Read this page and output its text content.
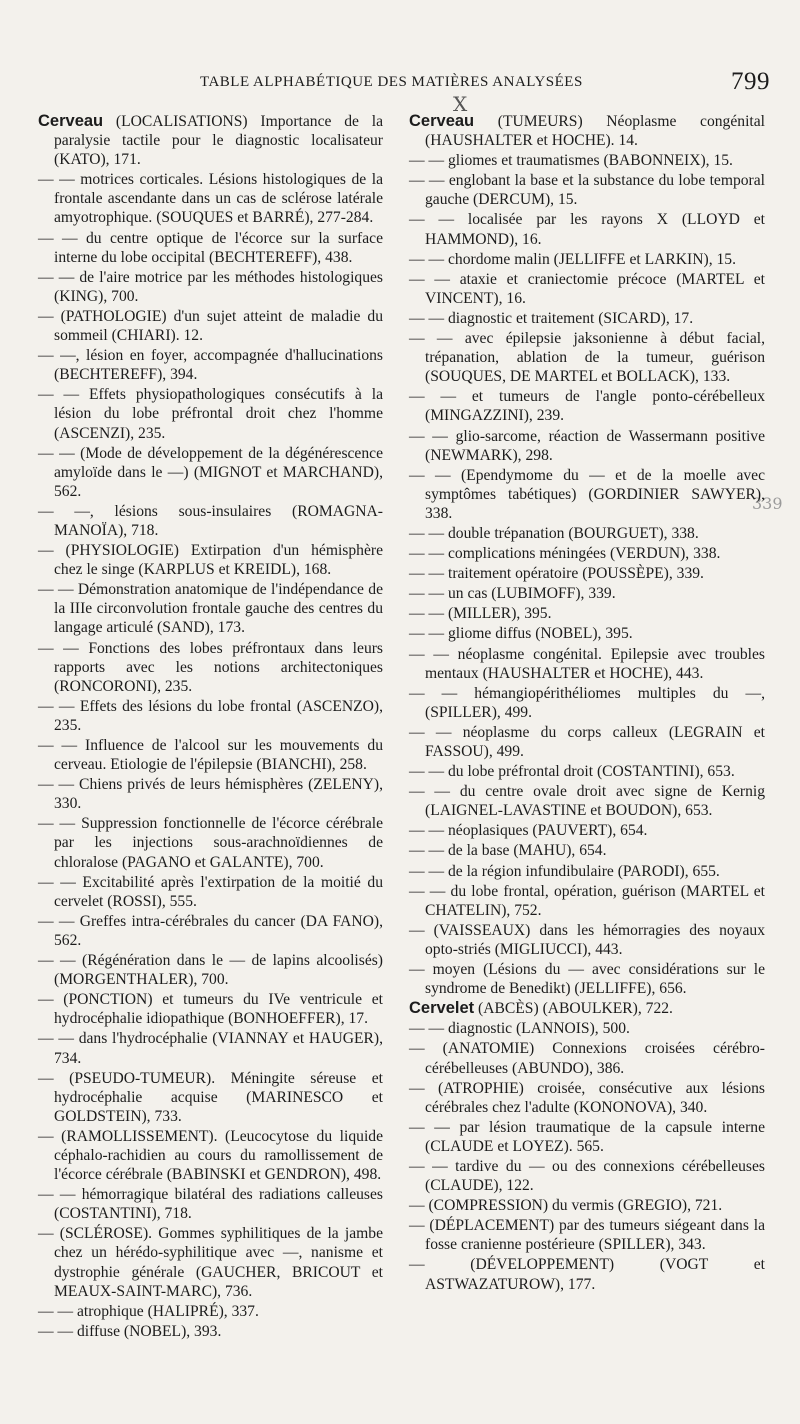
TABLE ALPHABÉTIQUE DES MATIÈRES ANALYSÉES	799
X
339

Cerveau (LOCALISATIONS) Importance de la paralysie tactile pour le diagnostic localisateur (KATO), 171.

— — motrices corticales. Lésions histologiques de la frontale ascendante dans un cas de sclérose latérale amyotrophique. (SOUQUES et BARRÉ), 277-284.

— — du centre optique de l'écorce sur la surface interne du lobe occipital (BECHTEREFF), 438.

— — de l'aire motrice par les méthodes histologiques (KING), 700.

— (PATHOLOGIE) d'un sujet atteint de maladie du sommeil (CHIARI). 12.

— —, lésion en foyer, accompagnée d'hallucinations (BECHTEREFF), 394.

— — Effets physiopathologiques consécutifs à la lésion du lobe préfrontal droit chez l'homme (ASCENZI), 235.

— — (Mode de développement de la dégénérescence amyloïde dans le —) (MIGNOT et MARCHAND), 562.

— —, lésions sous-insulaires (ROMAGNA-MANOÏA), 718.

— (PHYSIOLOGIE) Extirpation d'un hémisphère chez le singe (KARPLUS et KREIDL), 168.

— — Démonstration anatomique de l'indépendance de la IIIe circonvolution frontale gauche des centres du langage articulé (SAND), 173.

— — Fonctions des lobes préfrontaux dans leurs rapports avec les notions architectoniques (RONCORONI), 235.

— — Effets des lésions du lobe frontal (ASCENZO), 235.

— — Influence de l'alcool sur les mouvements du cerveau. Etiologie de l'épilepsie (BIANCHI), 258.

— — Chiens privés de leurs hémisphères (ZELENY), 330.

— — Suppression fonctionnelle de l'écorce cérébrale par les injections sous-arachnoïdiennes de chloralose (PAGANO et GALANTE), 700.

— — Excitabilité après l'extirpation de la moitié du cervelet (ROSSI), 555.

— — Greffes intra-cérébrales du cancer (DA FANO), 562.

— — (Régénération dans le — de lapins alcoolisés) (MORGENTHALER), 700.

— (PONCTION) et tumeurs du IVe ventricule et hydrocéphalie idiopathique (BONHOEFFER), 17.

— — dans l'hydrocéphalie (VIANNAY et HAUGER), 734.

— (PSEUDO-TUMEUR). Méningite séreuse et hydrocéphalie acquise (MARINESCO et GOLDSTEIN), 733.

— (RAMOLLISSEMENT). (Leucocytose du liquide céphalo-rachidien au cours du ramollissement de l'écorce cérébrale (BABINSKI et GENDRON), 498.

— — hémorragique bilatéral des radiations calleuses (COSTANTINI), 718.

— (SCLÉROSE). Gommes syphilitiques de la jambe chez un hérédo-syphilitique avec —, nanisme et dystrophie générale (GAUCHER, BRICOUT et MEAUX-SAINT-MARC), 736.

— — atrophique (HALIPRÉ), 337.

— — diffuse (NOBEL), 393.

Cerveau (TUMEURS) Néoplasme congénital (HAUSHALTER et HOCHE). 14.

— — gliomes et traumatismes (BABONNEIX), 15.

— — englobant la base et la substance du lobe temporal gauche (DERCUM), 15.

— — localisée par les rayons X (LLOYD et HAMMOND), 16.

— — chordome malin (JELLIFFE et LARKIN), 15.

— — ataxie et craniectomie précoce (MARTEL et VINCENT), 16.

— — diagnostic et traitement (SICARD), 17.

— — avec épilepsie jaksonienne à début facial, trépanation, ablation de la tumeur, guérison (SOUQUES, DE MARTEL et BOLLACK), 133.

— — et tumeurs de l'angle ponto-cérébelleux (MINGAZZINI), 239.

— — glio-sarcome, réaction de Wassermann positive (NEWMARK), 298.

— — (Ependymome du — et de la moelle avec symptômes tabétiques) (GORDINIER SAWYER), 338.

— — double trépanation (BOURGUET), 338.

— — complications méningées (VERDUN), 338.

— — traitement opératoire (POUSSÈPE), 339.

— — un cas (LUBIMOFF), 339.

— — (MILLER), 395.

— — gliome diffus (NOBEL), 395.

— — néoplasme congénital. Epilepsie avec troubles mentaux (HAUSHALTER et HOCHE), 443.

— — hémangiopérithéliomes multiples du —, (SPILLER), 499.

— — néoplasme du corps calleux (LEGRAIN et FASSOU), 499.

— — du lobe préfrontal droit (COSTANTINI), 653.

— — du centre ovale droit avec signe de Kernig (LAIGNEL-LAVASTINE et BOUDON), 653.

— — néoplasiques (PAUVERT), 654.

— — de la base (MAHU), 654.

— — de la région infundibulaire (PARODI), 655.

— — du lobe frontal, opération, guérison (MARTEL et CHATELIN), 752.

— (VAISSEAUX) dans les hémorragies des noyaux opto-striés (MIGLIUCCI), 443.

— moyen (Lésions du — avec considérations sur le syndrome de Benedikt) (JELLIFFE), 656.

Cervelet (ABCÈS) (ABOULKER), 722.

— — diagnostic (LANNOIS), 500.

— (ANATOMIE) Connexions croisées cérébro-cérébelleuses (ABUNDO), 386.

— (ATROPHIE) croisée, consécutive aux lésions cérébrales chez l'adulte (KONONOVA), 340.

— — par lésion traumatique de la capsule interne (CLAUDE et LOYEZ). 565.

— — tardive du — ou des connexions cérébelleuses (CLAUDE), 122.

— (COMPRESSION) du vermis (GREGIO), 721.

— (DÉPLACEMENT) par des tumeurs siégeant dans la fosse cranienne postérieure (SPILLER), 343.

— (DÉVELOPPEMENT) (VOGT et ASTWAZATUROW), 177.
